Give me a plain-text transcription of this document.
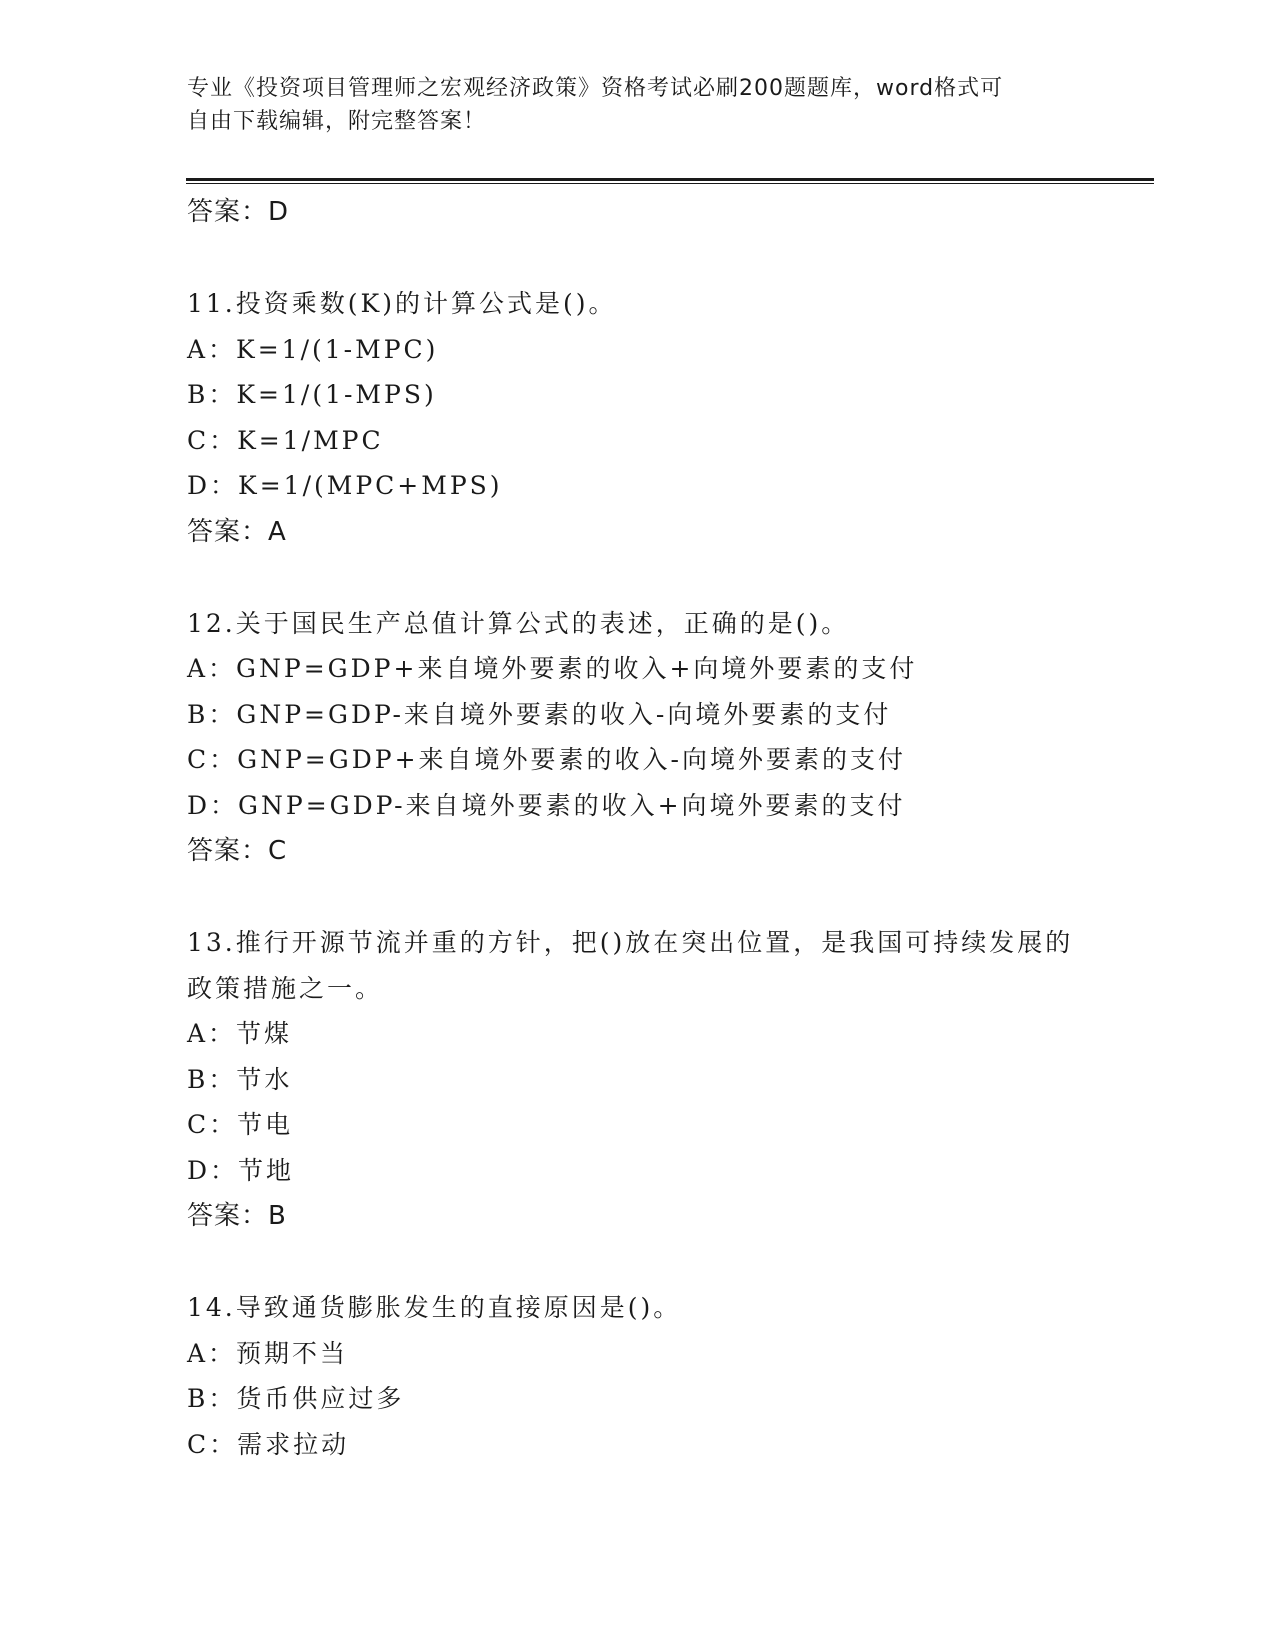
专业《投资项目管理师之宏观经济政策》资格考试必刷200题题库，word格式可
自由下载编辑，附完整答案！
答案：D
11.投资乘数(K)的计算公式是()。
A：K=1/(1-MPC)
B：K=1/(1-MPS)
C：K=1/MPC
D：K=1/(MPC+MPS)
答案：A
12.关于国民生产总值计算公式的表述，正确的是()。
A：GNP=GDP+来自境外要素的收入+向境外要素的支付
B：GNP=GDP-来自境外要素的收入-向境外要素的支付
C：GNP=GDP+来自境外要素的收入-向境外要素的支付
D：GNP=GDP-来自境外要素的收入+向境外要素的支付
答案：C
13.推行开源节流并重的方针，把()放在突出位置，是我国可持续发展的政策措施之一。
A：节煤
B：节水
C：节电
D：节地
答案：B
14.导致通货膨胀发生的直接原因是()。
A：预期不当
B：货币供应过多
C：需求拉动
